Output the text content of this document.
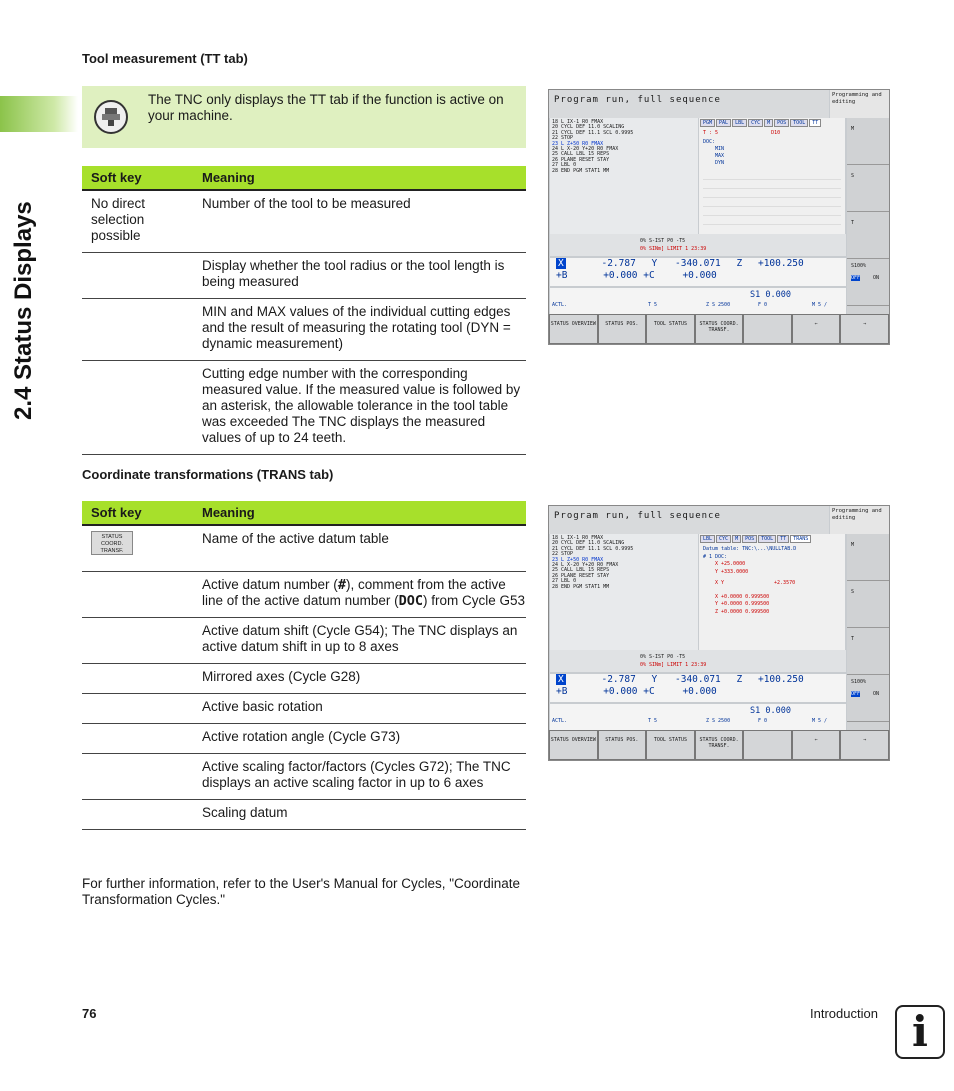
2.4 Status Displays
Tool measurement (TT tab)
The TNC only displays the TT tab if the function is active on your machine.
Soft key	Meaning
No direct selection possible	Number of the tool to be measured
	Display whether the tool radius or the tool length is being measured
	MIN and MAX values of the individual cutting edges and the result of measuring the rotating tool (DYN = dynamic measurement)
	Cutting edge number with the corresponding measured value. If the measured value is followed by an asterisk, the allowable tolerance in the tool table was exceeded The TNC displays the measured values of up to 24 teeth.
Program run, full sequence	Programming and editing
18 L IX-1 R0 FMAX
20 CYCL DEF 11.0 SCALING
21 CYCL DEF 11.1 SCL 0.9995
22 STOP
23 L Z+50 R0 FMAX
24 L X-20 Y+20 R0 FMAX
25 CALL LBL 15 REPS
26 PLANE RESET STAY
27 LBL 0
28 END PGM STAT1 MM
PGM	PAL	LBL	CYC	M	POS	TOOL	TT
T : 5	D10
DOC:
MIN
MAX
DYN
M
S
T
S100%
OFF	ON
0% S-IST P0 -T5
0% SINm] LIMIT 1 23:39
X	-2.787 Y -340.071 Z +100.250
+B	+0.000 +C	+0.000
S1 0.000
ACTL.	T 5	Z S 2500	F 0	M 5 /
STATUS OVERVIEW	STATUS POS.	TOOL STATUS	STATUS COORD. TRANSF.
⇐	⇒
Coordinate transformations (TRANS tab)
Soft key	Meaning
STATUS COORD. TRANSF.	Name of the active datum table
	Active datum number (#), comment from the active line of the active datum number (DOC) from Cycle G53
	Active datum shift (Cycle G54); The TNC displays an active datum shift in up to 8 axes
	Mirrored axes (Cycle G28)
	Active basic rotation
	Active rotation angle (Cycle G73)
	Active scaling factor/factors (Cycles G72); The TNC displays an active scaling factor in up to 6 axes
	Scaling datum
Program run, full sequence	Programming and editing
18 L IX-1 R0 FMAX
20 CYCL DEF 11.0 SCALING
21 CYCL DEF 11.1 SCL 0.9995
22 STOP
23 L Z+50 R0 FMAX
24 L X-20 Y+20 R0 FMAX
25 CALL LBL 15 REPS
26 PLANE RESET STAY
27 LBL 0
28 END PGM STAT1 MM
LBL	CYC	M	POS	TOOL	TT	TRANS
Datum table: TNC:\...\NULLTAB.D
# 1 DOC:
X +25.0000
Y +333.0000
X Y	+2.3570
X +0.0000 0.999500
Y +0.0000 0.999500
Z +0.0000 0.999500
M
S
T
S100%
OFF	ON
0% S-IST P0 -T5
0% SINm] LIMIT 1 23:39
X	-2.787 Y -340.071 Z +100.250
+B	+0.000 +C	+0.000
S1 0.000
ACTL.	T 5	Z S 2500	F 0	M 5 /
STATUS OVERVIEW	STATUS POS.	TOOL STATUS	STATUS COORD. TRANSF.
⇐	⇒
For further information, refer to the User's Manual for Cycles, "Coordinate Transformation Cycles."
76	Introduction i
